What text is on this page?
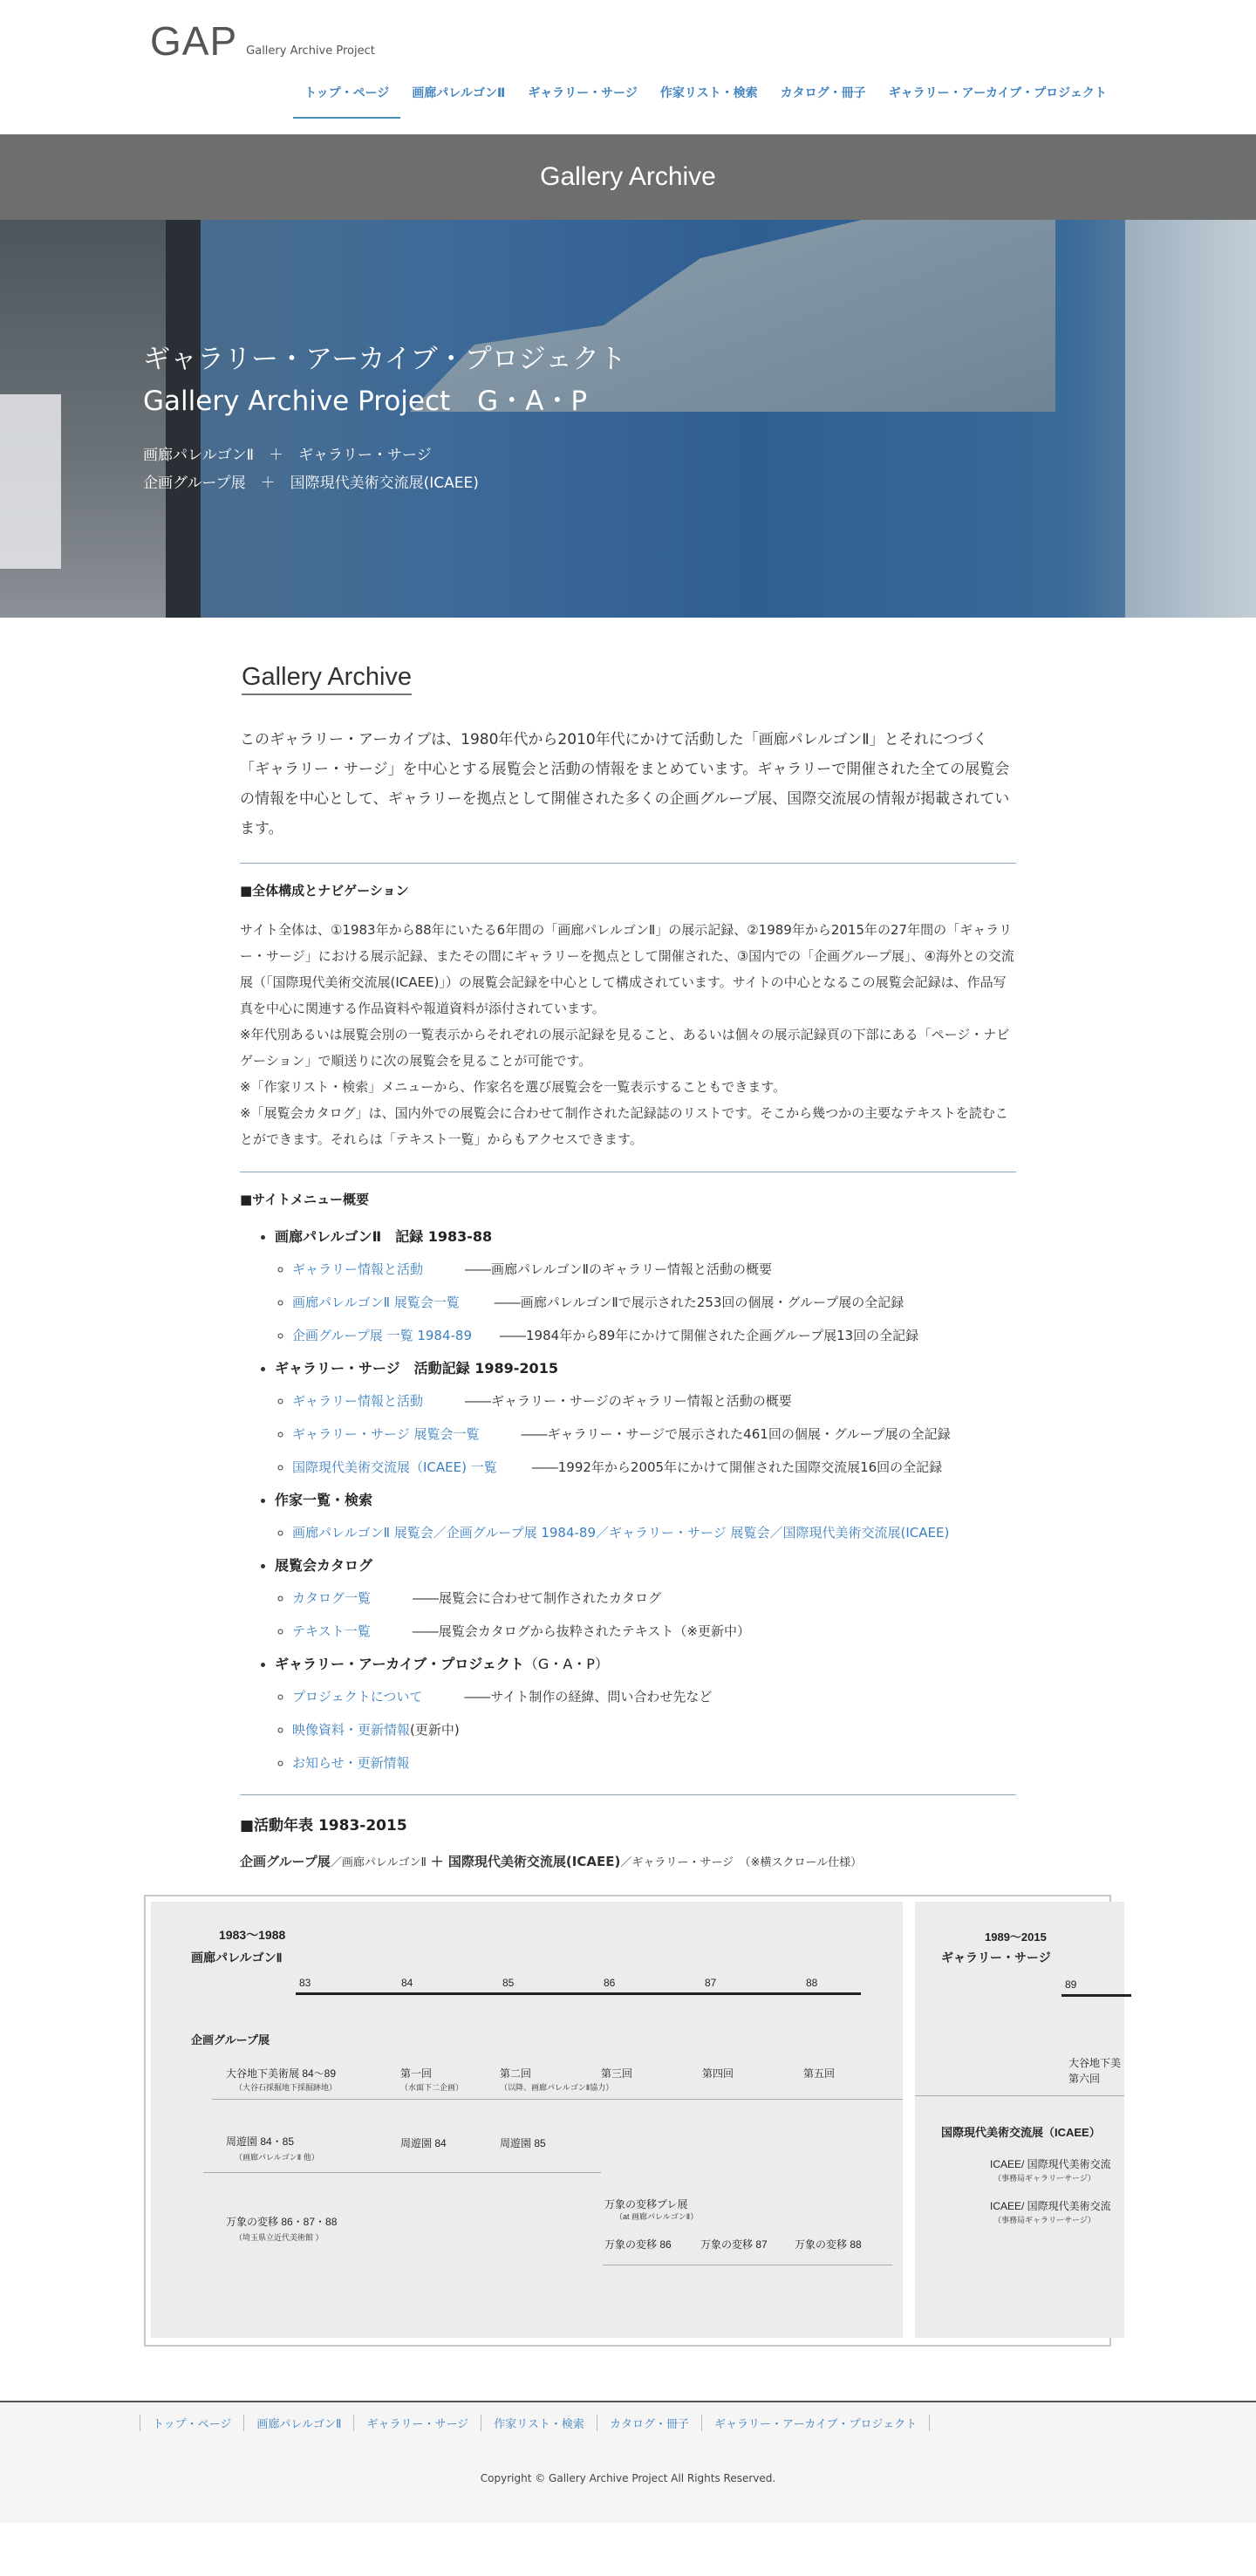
GAP Gallery Archive Project
トップ・ページ	画廊パレルゴンⅡ	ギャラリー・サージ	作家リスト・検索	カタログ・冊子	ギャラリー・アーカイブ・プロジェクト
Gallery Archive
ギャラリー・アーカイブ・プロジェクト
Gallery Archive Project　G・A・P
画廊パレルゴンⅡ　＋　ギャラリー・サージ
企画グループ展　＋　国際現代美術交流展(ICAEE)
Gallery Archive

このギャラリー・アーカイブは、1980年代から2010年代にかけて活動した「画廊パレルゴンⅡ」とそれにつづく「ギャラリー・サージ」を中心とする展覧会と活動の情報をまとめています。ギャラリーで開催された全ての展覧会の情報を中心として、ギャラリーを拠点として開催された多くの企画グループ展、国際交流展の情報が掲載されています。

■全体構成とナビゲーション

サイト全体は、①1983年から88年にいたる6年間の「画廊パレルゴンⅡ」の展示記録、②1989年から2015年の27年間の「ギャラリー・サージ」における展示記録、またその間にギャラリーを拠点として開催された、③国内での「企画グループ展」、④海外との交流展（「国際現代美術交流展(ICAEE)」）の展覧会記録を中心として構成されています。サイトの中心となるこの展覧会記録は、作品写真を中心に関連する作品資料や報道資料が添付されています。

※年代別あるいは展覧会別の一覧表示からそれぞれの展示記録を見ること、あるいは個々の展示記録頁の下部にある「ページ・ナビゲーション」で順送りに次の展覧会を見ることが可能です。

※「作家リスト・検索」メニューから、作家名を選び展覧会を一覧表示することもできます。

※「展覧会カタログ」は、国内外での展覧会に合わせて制作された記録誌のリストです。そこから幾つかの主要なテキストを読むことができます。それらは「テキスト一覧」からもアクセスできます。

■サイトメニュー概要
• 画廊パレルゴンⅡ　記録 1983-88
◦ ギャラリー情報と活動	――画廊パレルゴンⅡのギャラリー情報と活動の概要
◦ 画廊パレルゴンⅡ 展覧会一覧	――画廊パレルゴンⅡで展示された253回の個展・グループ展の全記録
◦ 企画グループ展 一覧 1984-89 ――1984年から89年にかけて開催された企画グループ展13回の全記録
• ギャラリー・サージ　活動記録 1989-2015
◦ ギャラリー情報と活動	――ギャラリー・サージのギャラリー情報と活動の概要
◦ ギャラリー・サージ 展覧会一覧	――ギャラリー・サージで展示された461回の個展・グループ展の全記録
◦ 国際現代美術交流展（ICAEE) 一覧	――1992年から2005年にかけて開催された国際交流展16回の全記録
• 作家一覧・検索
◦ 画廊パレルゴンⅡ 展覧会／企画グループ展 1984-89／ギャラリー・サージ 展覧会／国際現代美術交流展(ICAEE)
• 展覧会カタログ
◦ カタログ一覧	――展覧会に合わせて制作されたカタログ
◦ テキスト一覧	――展覧会カタログから抜粋されたテキスト（※更新中）
• ギャラリー・アーカイブ・プロジェクト（G・A・P）
◦ プロジェクトについて	――サイト制作の経緯、問い合わせ先など
◦ 映像資料・更新情報(更新中)
◦ お知らせ・更新情報
■活動年表 1983-2015
企画グループ展／画廊パレルゴンⅡ ＋ 国際現代美術交流展(ICAEE)／ギャラリー・サージ　（※横スクロール仕様）
1983〜1988
画廊パレルゴンⅡ
83	84	85	86	87	88
企画グループ展
大谷地下美術展 84〜89
（大谷石採掘地下採掘跡地）
第一回
（水面下二企画）
第二回
（以降、画廊パレルゴンⅡ協力）
第三回	第四回	第五回
周遊園 84・85
（画廊パレルゴンⅡ 他）
周遊園 84	周遊園 85
万象の変移 86・87・88
（埼玉県立近代美術館 ）
万象の変移プレ展
（at 画廊パレルゴンⅡ）
万象の変移 86	万象の変移 87	万象の変移 88
1989〜2015
ギャラリー・サージ
89
大谷地下美
第六回
国際現代美術交流展（ICAEE）
ICAEE/ 国際現代美術交流
（事務局ギャラリーサージ）
ICAEE/ 国際現代美術交流
（事務局ギャラリーサージ）
トップ・ページ	画廊パレルゴンⅡ	ギャラリー・サージ	作家リスト・検索	カタログ・冊子	ギャラリー・アーカイブ・プロジェクト
Copyright © Gallery Archive Project All Rights Reserved.
